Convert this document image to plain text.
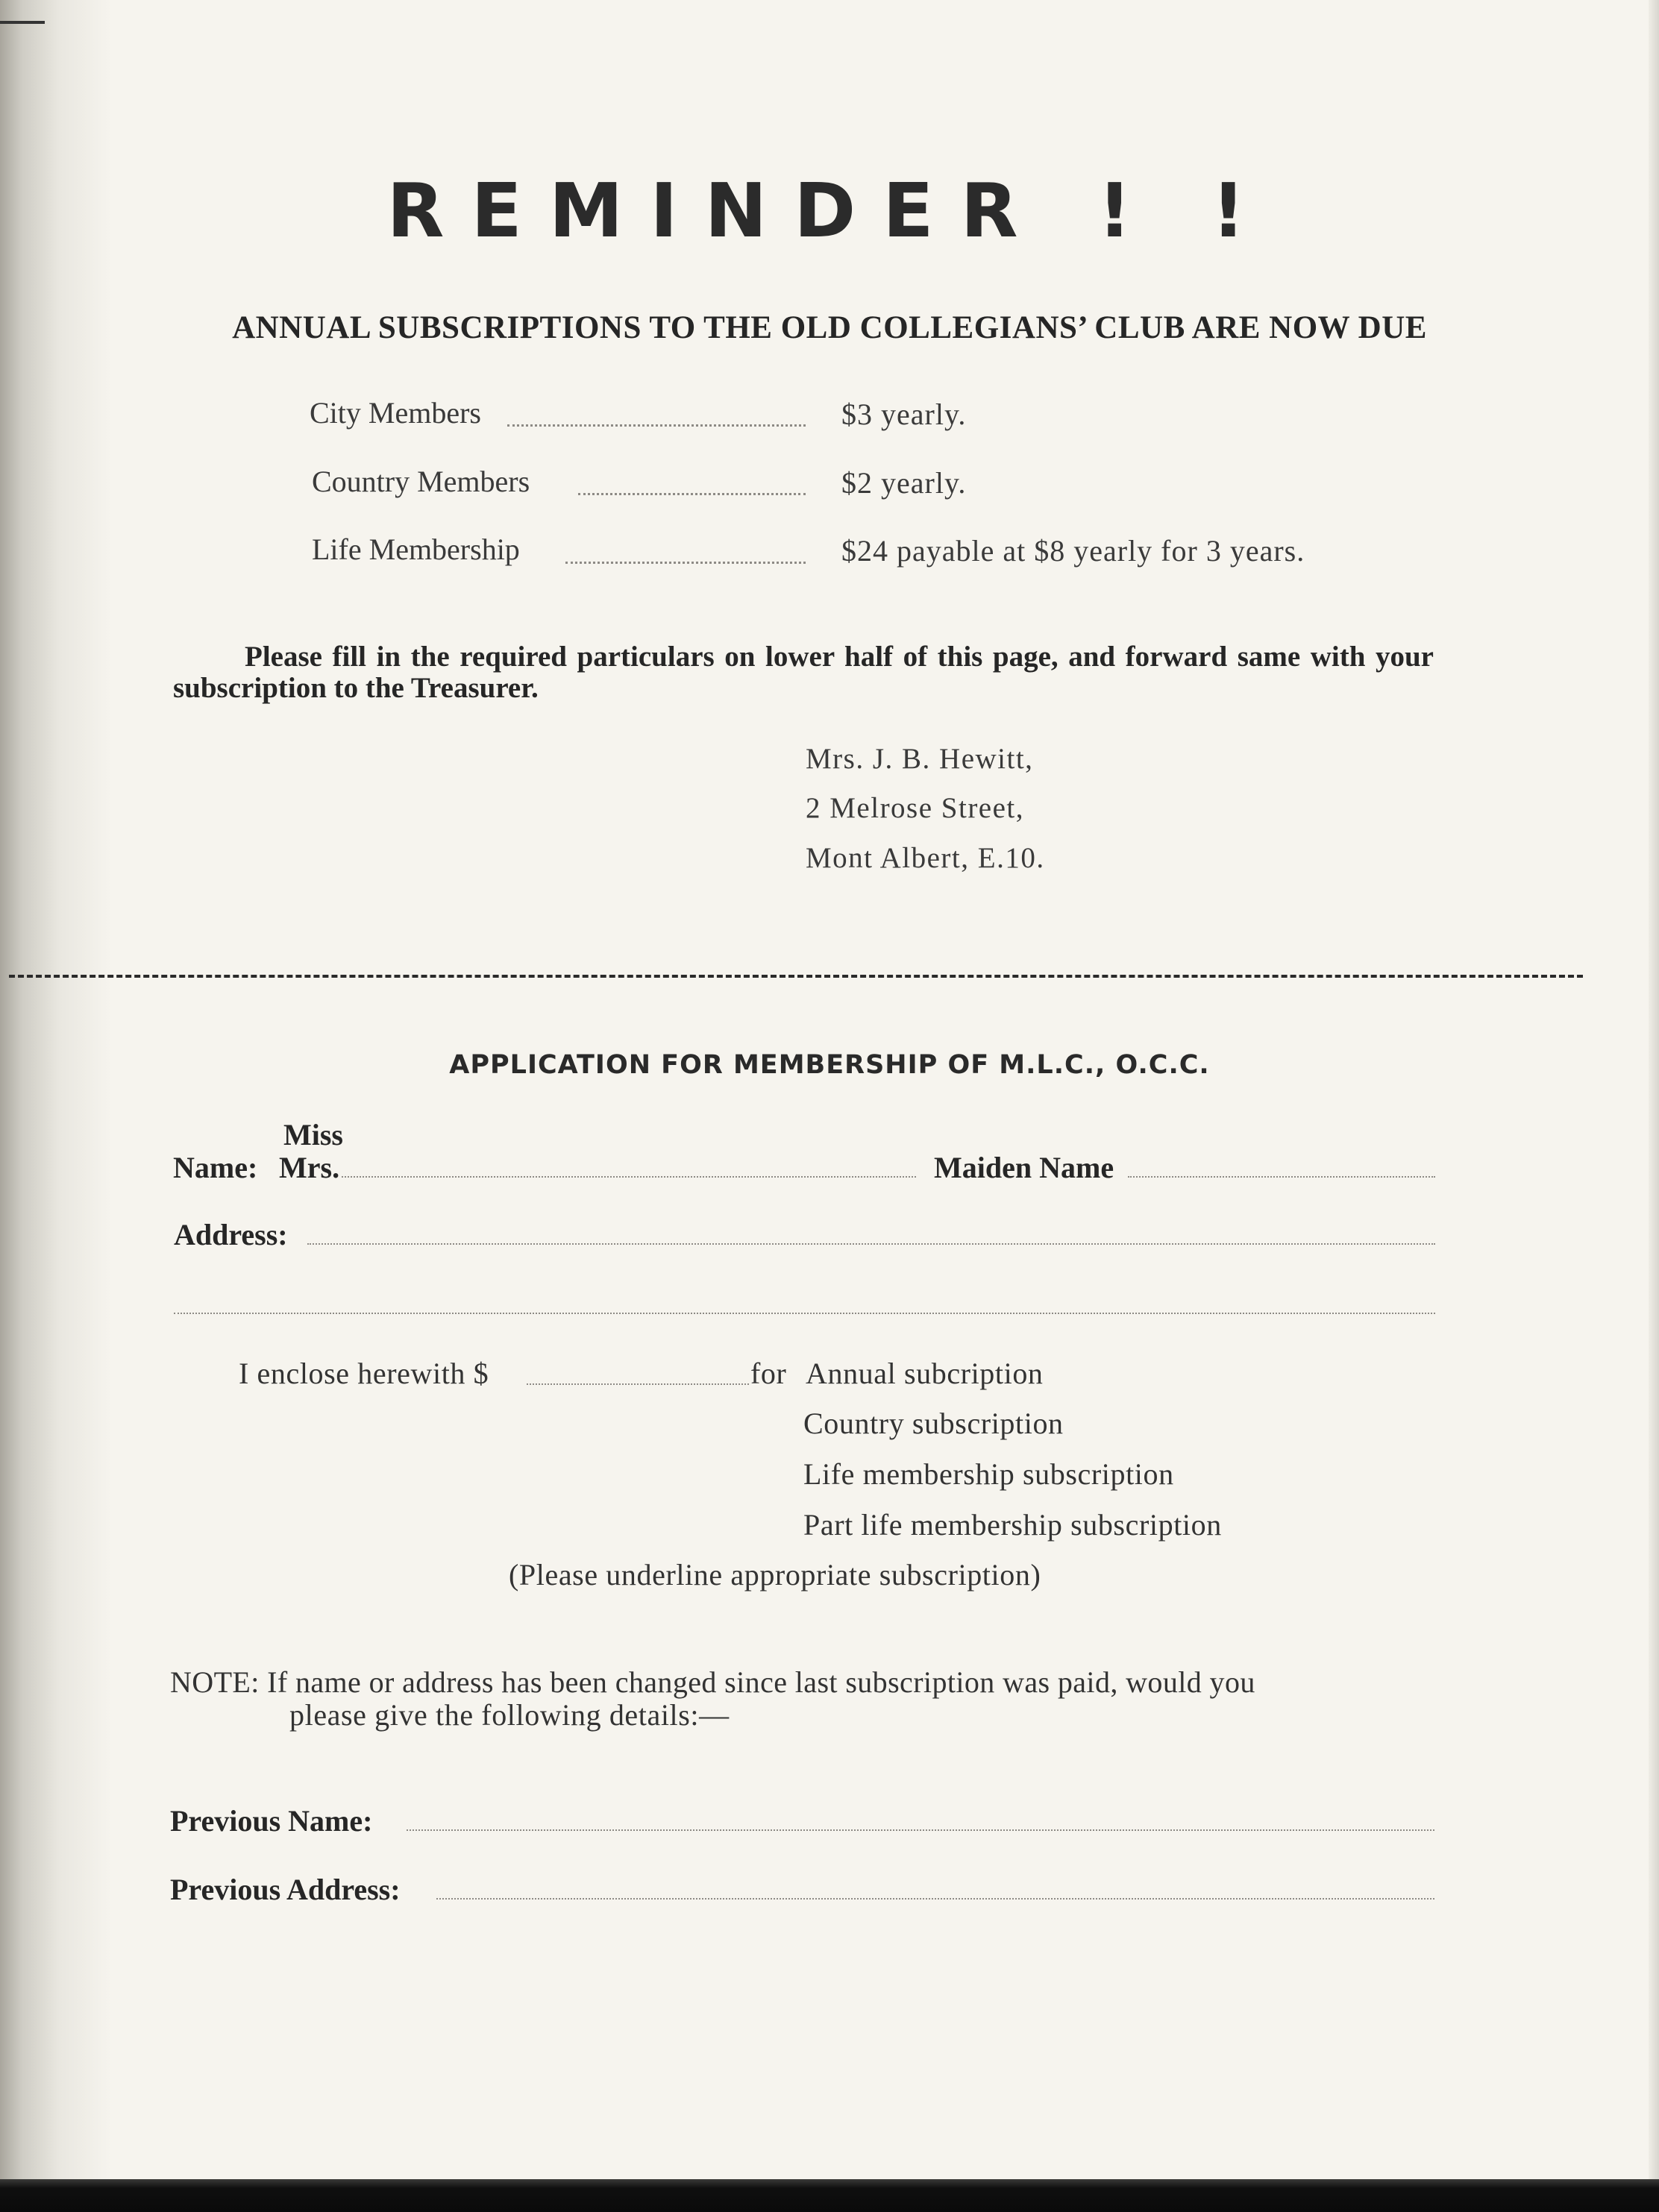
REMINDER ! !
ANNUAL SUBSCRIPTIONS TO THE OLD COLLEGIANS’ CLUB ARE NOW DUE
City Members	$3 yearly.
Country Members	$2 yearly.
Life Membership	$24 payable at $8 yearly for 3 years.
Please fill in the required particulars on lower half of this page, and forward same with your subscription to the Treasurer.
Mrs. J. B. Hewitt,
2 Melrose Street,
Mont Albert, E.10.
APPLICATION FOR MEMBERSHIP OF M.L.C., O.C.C.
Miss
Name: Mrs.	Maiden Name
Address:
I enclose herewith $	for Annual subcription
Country subscription
Life membership subscription
Part life membership subscription
(Please underline appropriate subscription)
NOTE: If name or address has been changed since last subscription was paid, would you
please give the following details:—
Previous Name:
Previous Address:
